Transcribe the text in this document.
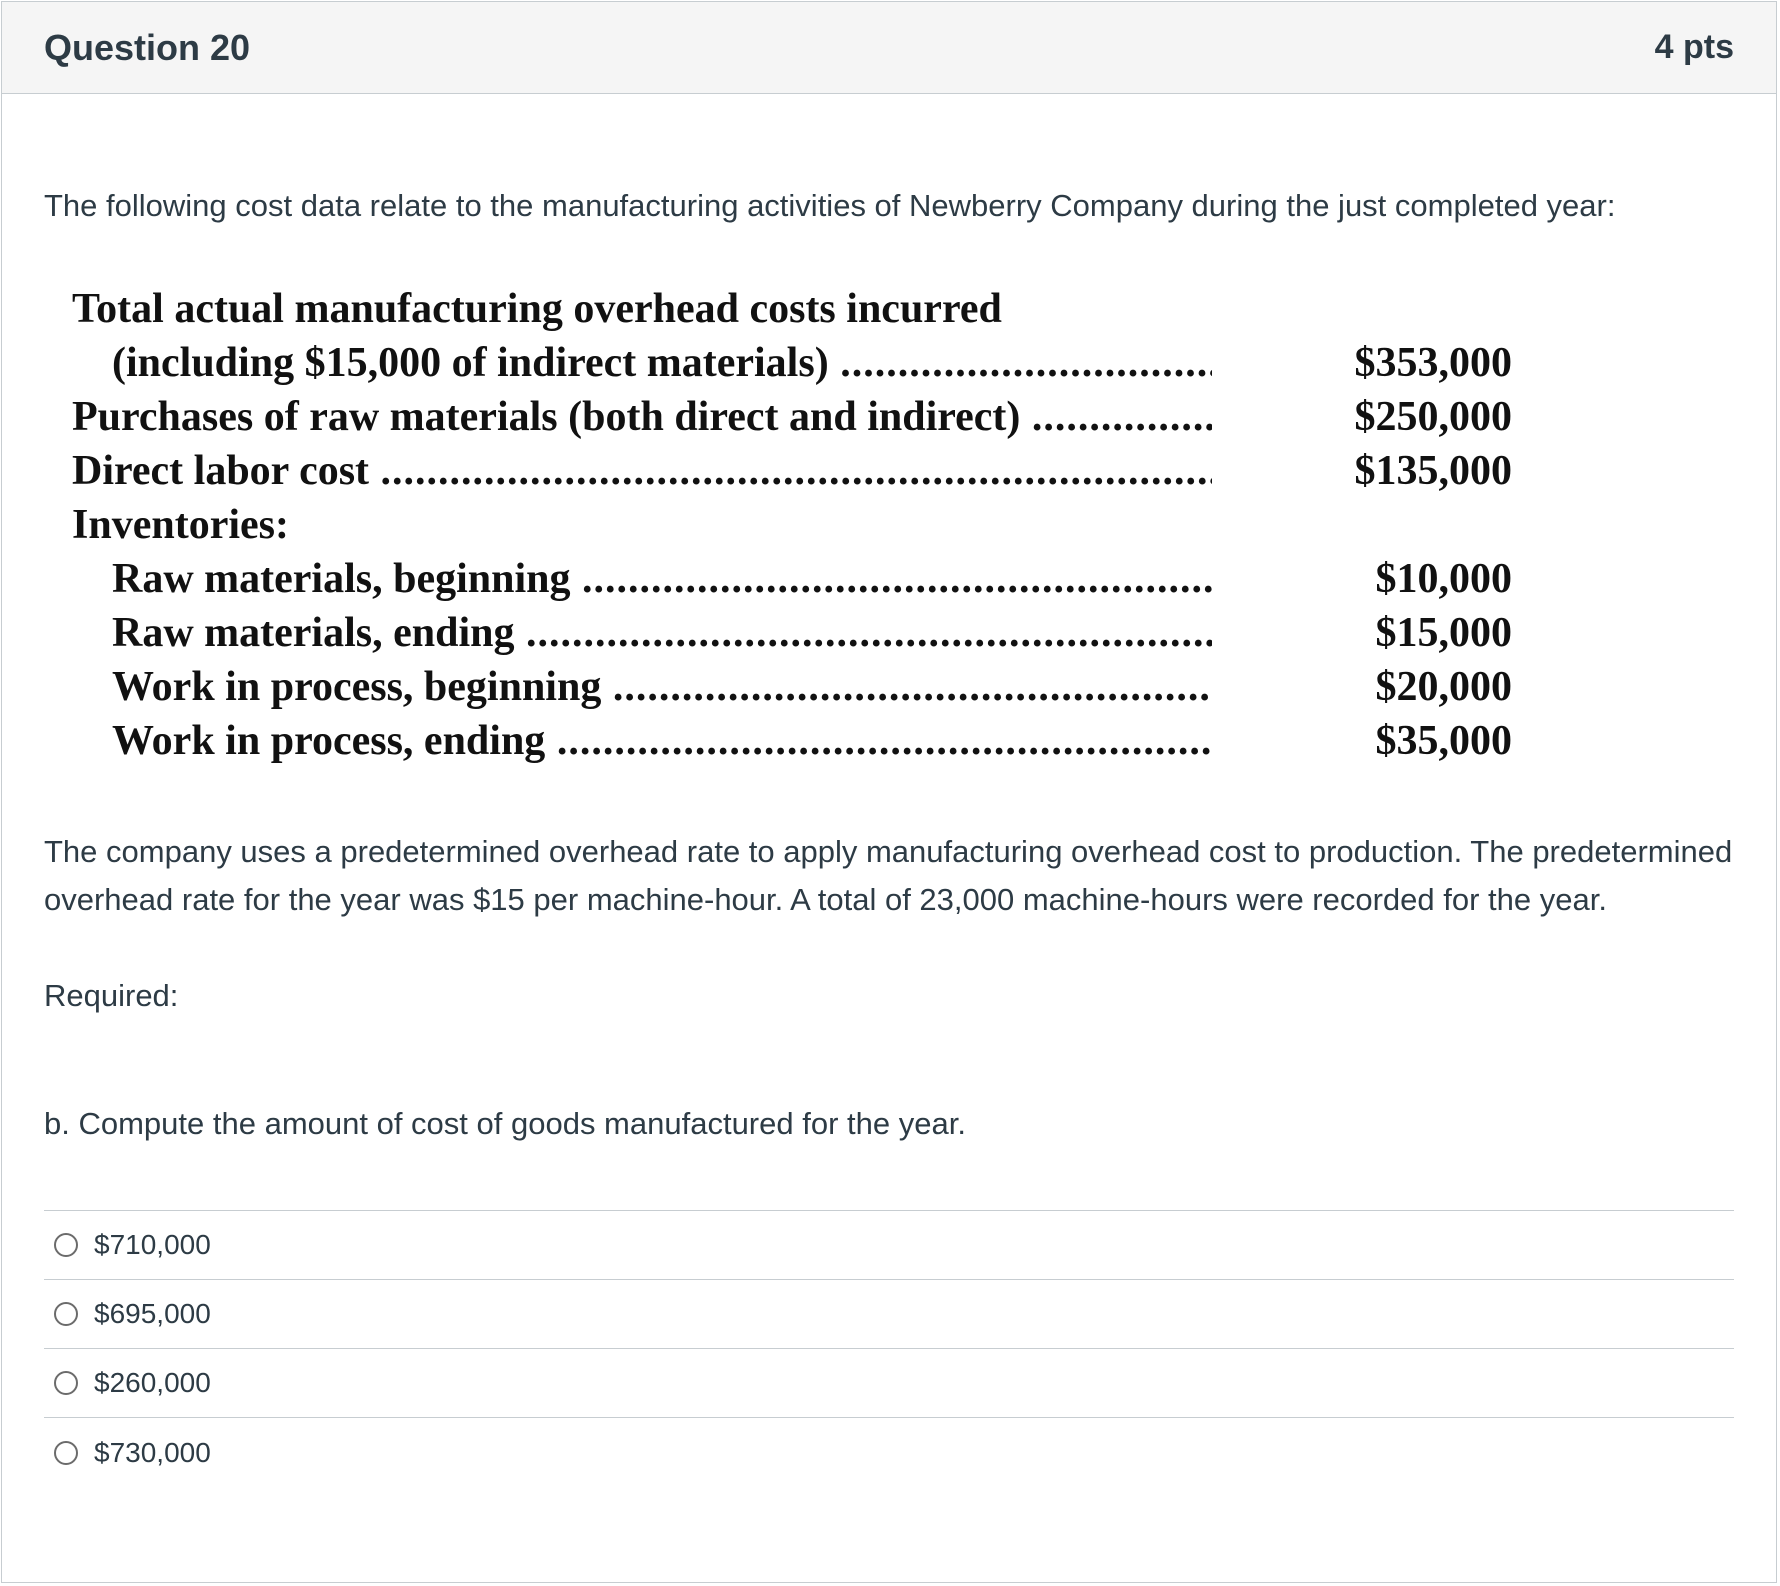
Question 20	4 pts

The following cost data relate to the manufacturing activities of Newberry Company during the just completed year:

Total actual manufacturing overhead costs incurred
(including $15,000 of indirect materials) .....	$353,000
Purchases of raw materials (both direct and indirect) .....	$250,000
Direct labor cost .....	$135,000
Inventories:
Raw materials, beginning .....	$10,000
Raw materials, ending .....	$15,000
Work in process, beginning .....	$20,000
Work in process, ending .....	$35,000

The company uses a predetermined overhead rate to apply manufacturing overhead cost to production. The predetermined overhead rate for the year was $15 per machine-hour. A total of 23,000 machine-hours were recorded for the year.

Required:
b. Compute the amount of cost of goods manufactured for the year.
$710,000
$695,000
$260,000
$730,000
